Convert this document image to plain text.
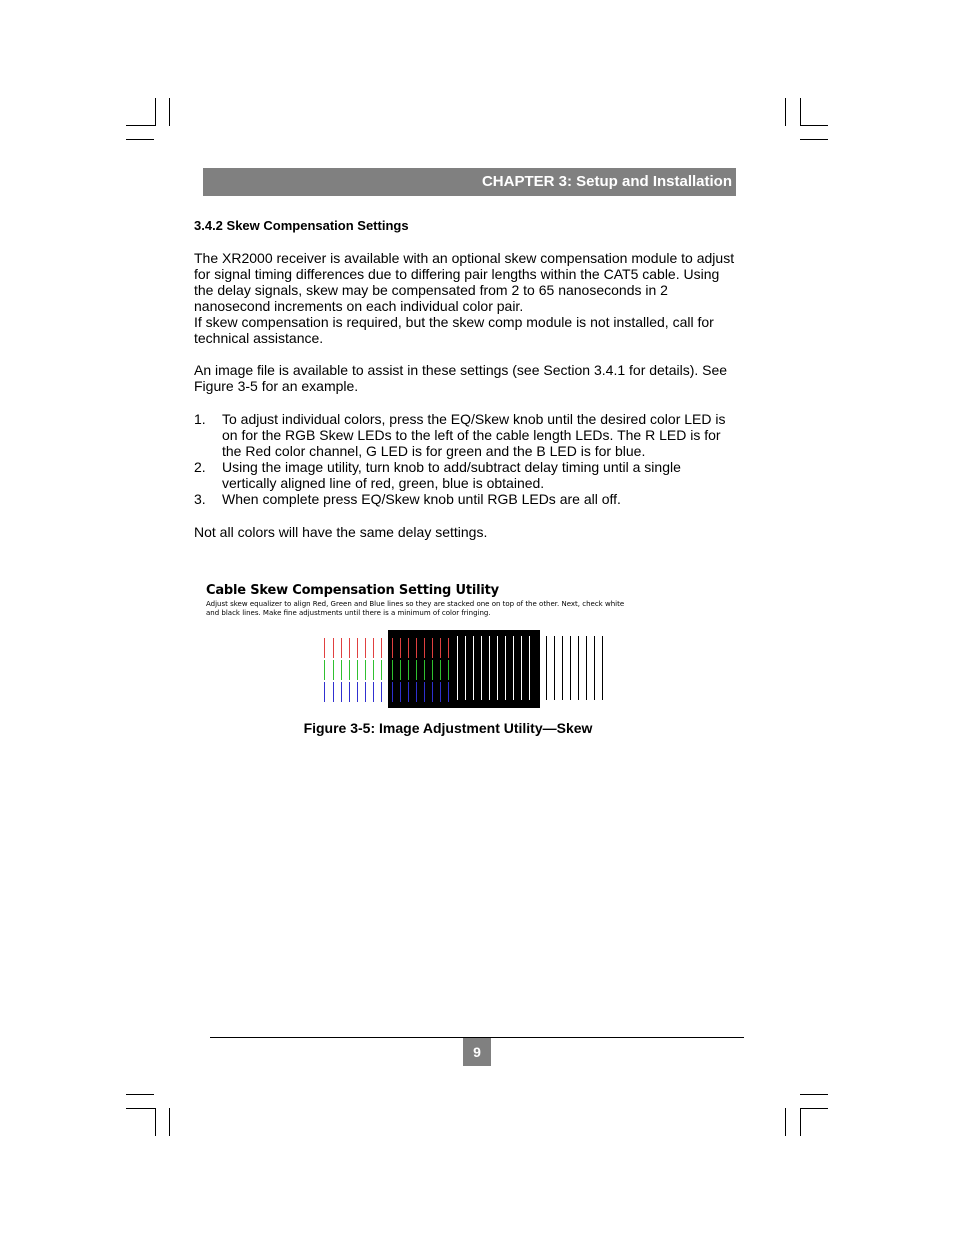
CHAPTER 3: Setup and Installation
3.4.2 Skew Compensation Settings

The XR2000 receiver is available with an optional skew compensation module to adjust for signal timing differences due to differing pair lengths within the CAT5 cable. Using the delay signals, skew may be compensated from 2 to 65 nanoseconds in 2 nanosecond increments on each individual color pair.

If skew compensation is required, but the skew comp module is not installed, call for technical assistance.

An image file is available to assist in these settings (see Section 3.4.1 for details). See Figure 3-5 for an example.

1. To adjust individual colors, press the EQ/Skew knob until the desired color LED is on for the RGB Skew LEDs to the left of the cable length LEDs. The R LED is for the Red color channel, G LED is for green and the B LED is for blue.
2. Using the image utility, turn knob to add/subtract delay timing until a single vertically aligned line of red, green, blue is obtained.
3. When complete press EQ/Skew knob until RGB LEDs are all off.

Not all colors will have the same delay settings.

Cable Skew Compensation Setting Utility
Adjust skew equalizer to align Red, Green and Blue lines so they are stacked one on top of the other. Next, check white and black lines. Make fine adjustments until there is a minimum of color fringing.
Figure 3-5: Image Adjustment Utility—Skew
9
